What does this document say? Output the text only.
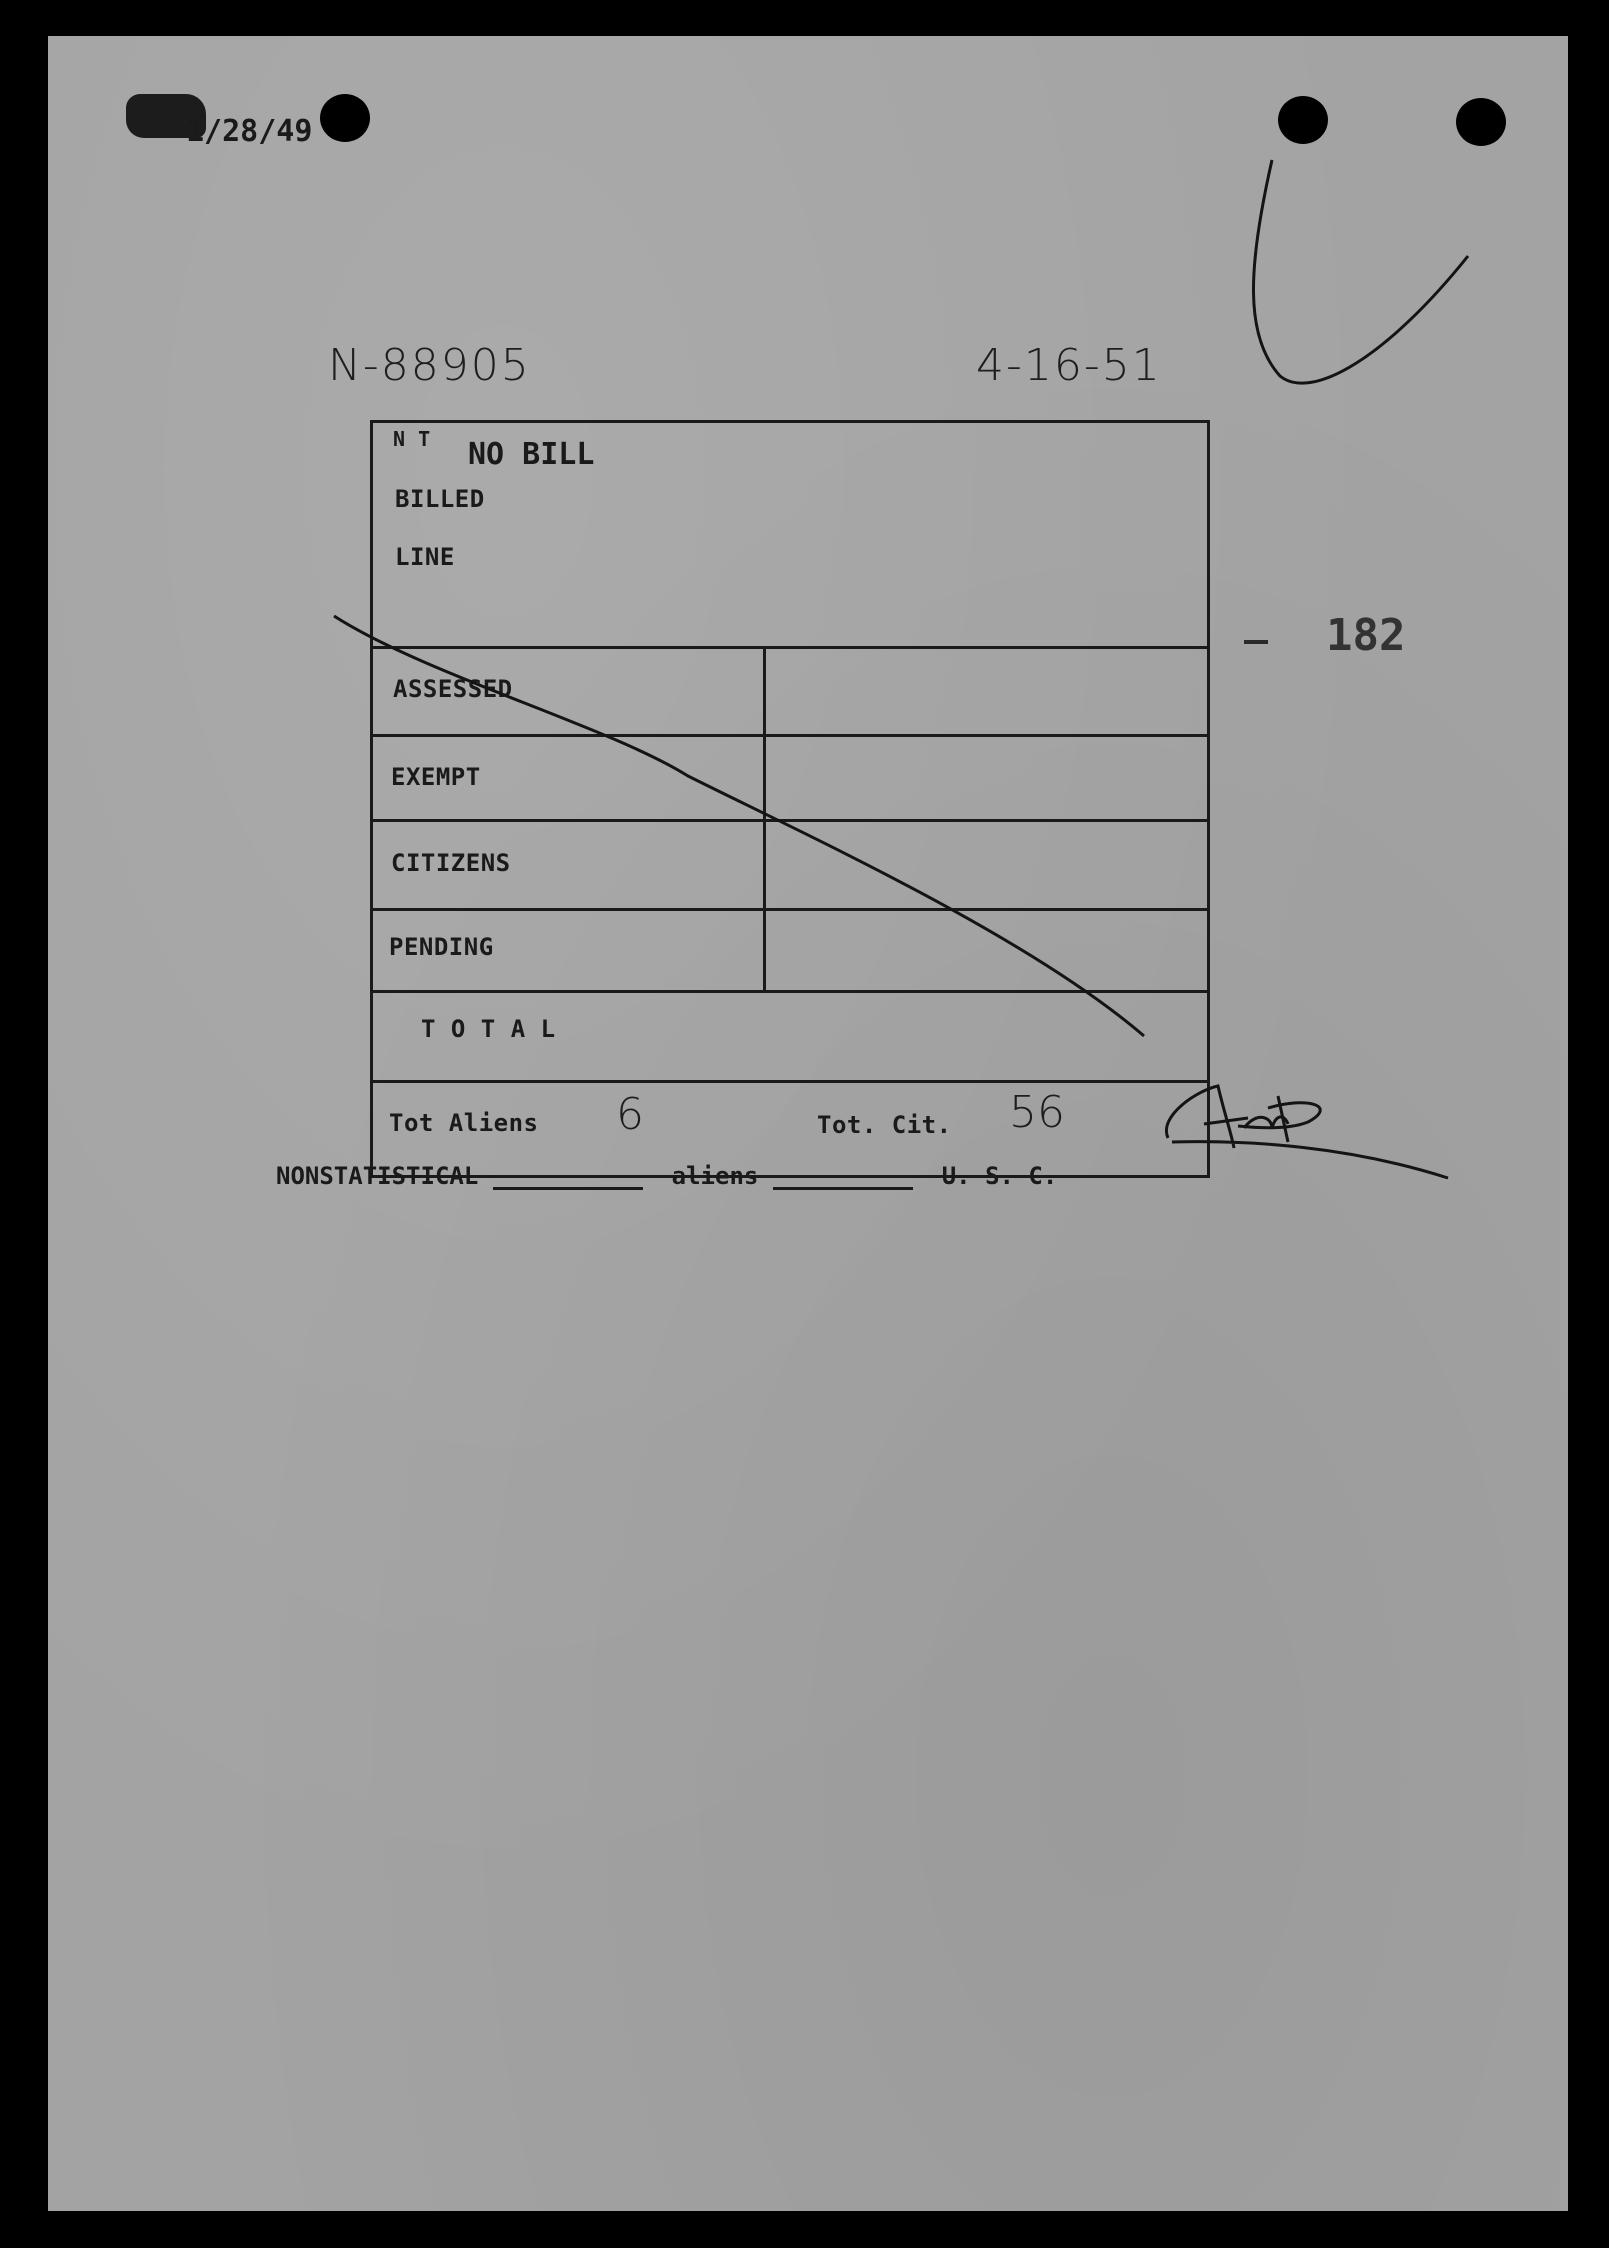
1/28/49
N-88905	4-16-51
182
N T NO BILL
BILLED
LINE
ASSESSED
EXEMPT
CITIZENS
PENDING
T O T A L
Tot Aliens 6	Tot. Cit. 56
NONSTATISTICAL	aliens	U. S. C.
